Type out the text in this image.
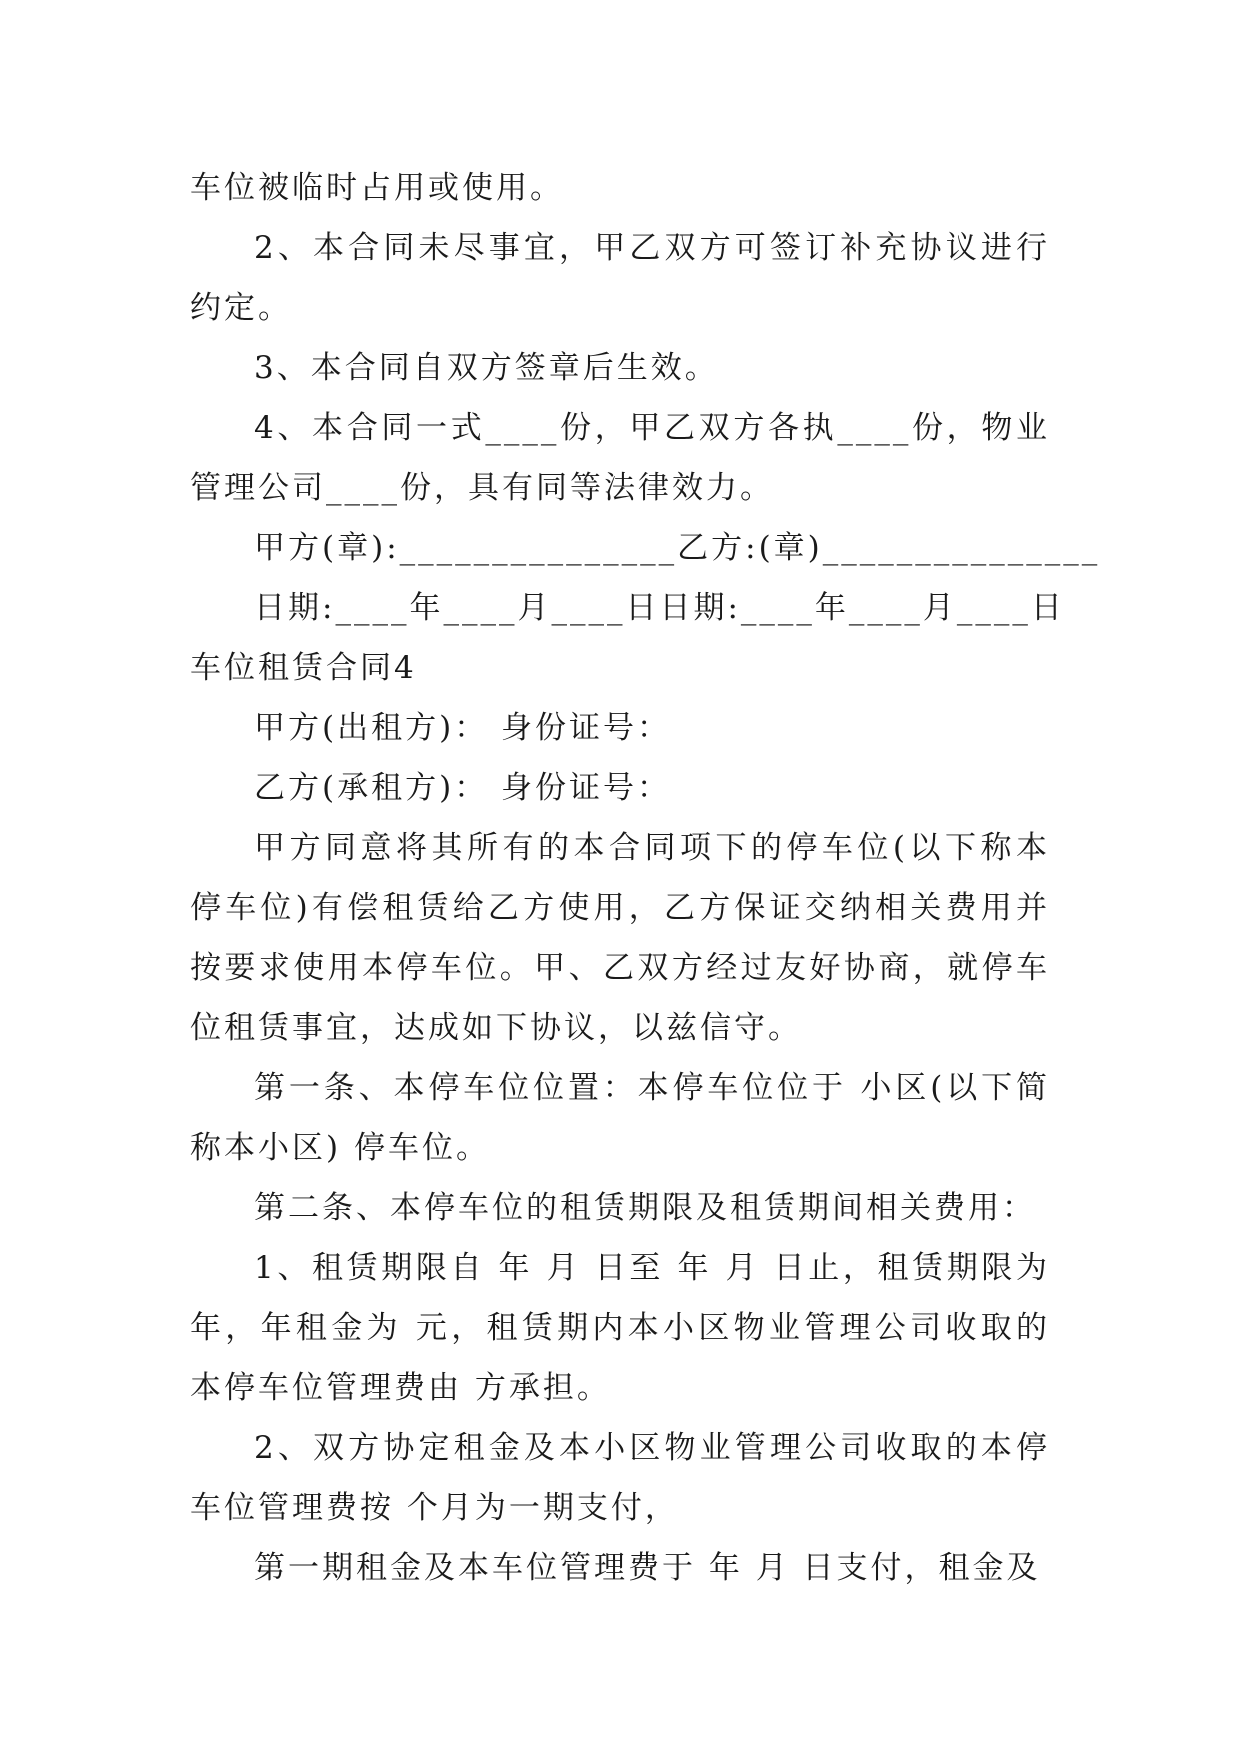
车位被临时占用或使用。

2、本合同未尽事宜，甲乙双方可签订补充协议进行约定。

3、本合同自双方签章后生效。

4、本合同一式____份，甲乙双方各执____份，物业管理公司____份，具有同等法律效力。

甲方(章):_______________乙方:(章)_______________

日期:____年____月____日日期:____年____月____日

车位租赁合同4

甲方(出租方)： 身份证号：

乙方(承租方)： 身份证号：

甲方同意将其所有的本合同项下的停车位(以下称本停车位)有偿租赁给乙方使用，乙方保证交纳相关费用并按要求使用本停车位。甲、乙双方经过友好协商，就停车位租赁事宜，达成如下协议，以兹信守。

第一条、本停车位位置：本停车位位于 小区(以下简称本小区) 停车位。

第二条、本停车位的租赁期限及租赁期间相关费用：

1、租赁期限自 年 月 日至 年 月 日止，租赁期限为 年，年租金为 元，租赁期内本小区物业管理公司收取的本停车位管理费由 方承担。

2、双方协定租金及本小区物业管理公司收取的本停车位管理费按 个月为一期支付，

第一期租金及本车位管理费于 年 月 日支付，租金及
